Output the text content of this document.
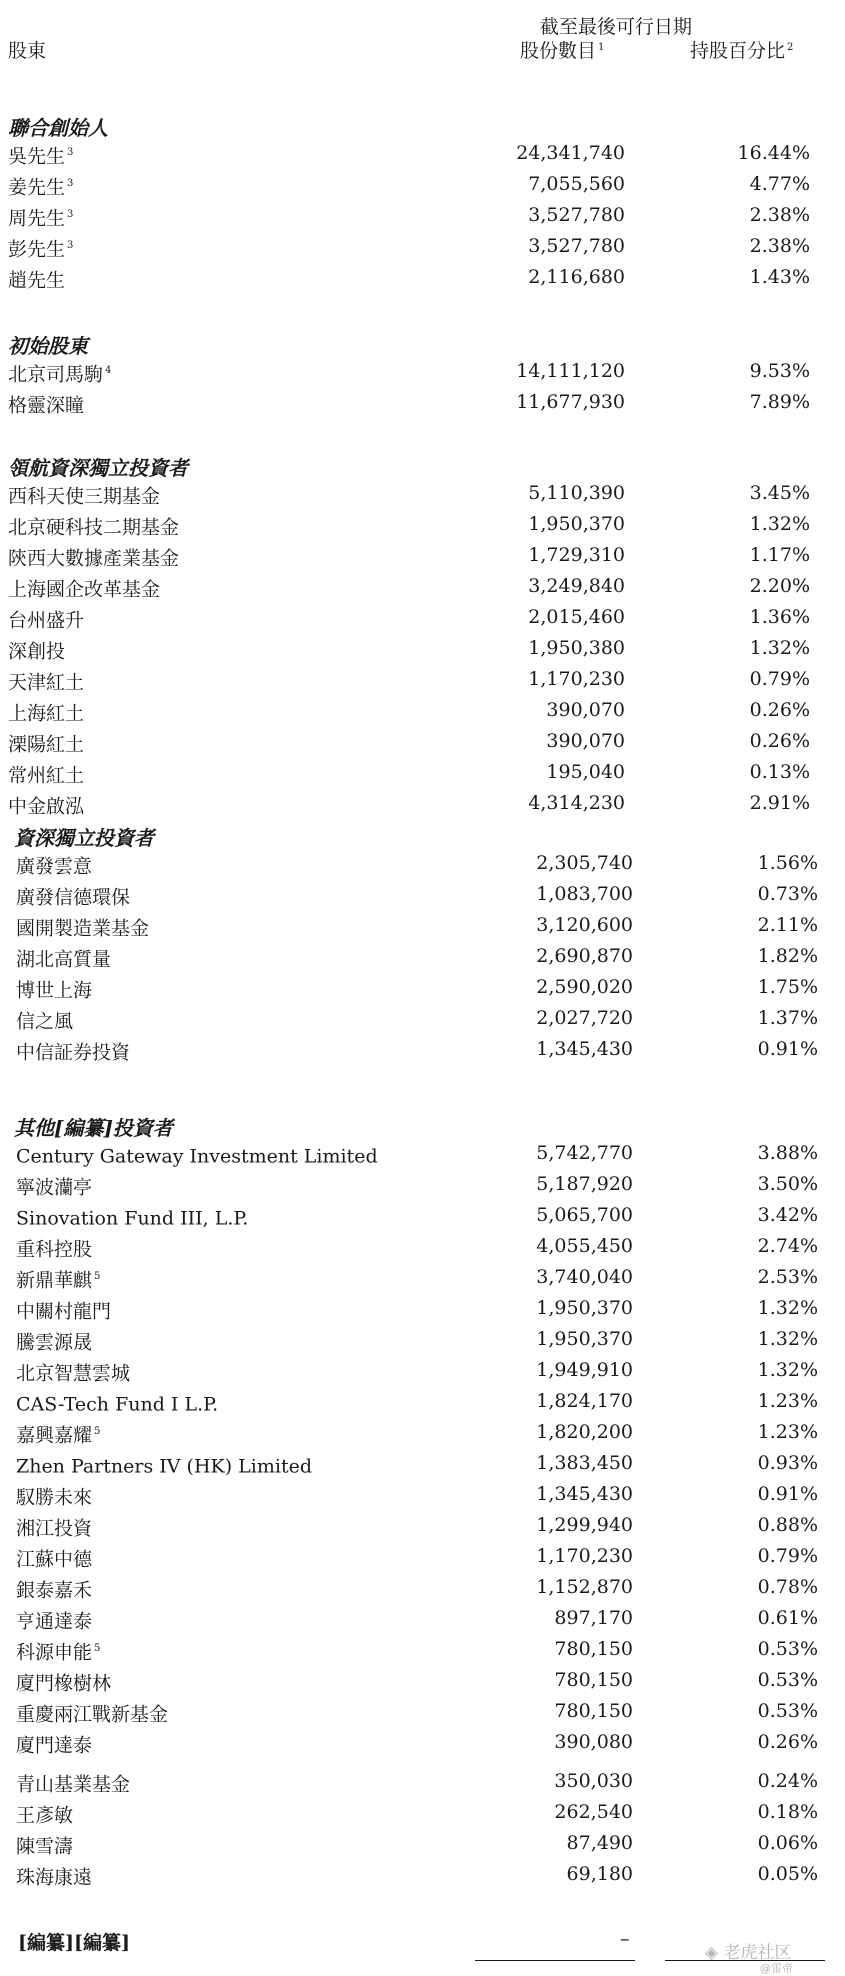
股東
截至最後可行日期
股份數目 $^1$	持股百分比 $^2$
聯合創始人
吳先生 $^3$	24,341,740	16.44%
姜先生 $^3$	7,055,560	4.77%
周先生 $^3$	3,527,780	2.38%
彭先生 $^3$	3,527,780	2.38%
趙先生	2,116,680	1.43%
初始股東
北京司馬駒 $^4$	14,111,120	9.53%
格靈深瞳	11,677,930	7.89%
領航資深獨立投資者
西科天使三期基金	5,110,390	3.45%
北京硬科技二期基金	1,950,370	1.32%
陝西大數據產業基金	1,729,310	1.17%
上海國企改革基金	3,249,840	2.20%
台州盛升	2,015,460	1.36%
深創投	1,950,380	1.32%
天津紅土	1,170,230	0.79%
上海紅土	390,070	0.26%
溧陽紅土	390,070	0.26%
常州紅土	195,040	0.13%
中金啟泓	4,314,230	2.91%
資深獨立投資者
廣發雲意	2,305,740	1.56%
廣發信德環保	1,083,700	0.73%
國開製造業基金	3,120,600	2.11%
湖北高質量	2,690,870	1.82%
博世上海	2,590,020	1.75%
信之風	2,027,720	1.37%
中信証券投資	1,345,430	0.91%
其他[編纂]投資者
Century Gateway Investment Limited	5,742,770	3.88%
寧波灡亭	5,187,920	3.50%
Sinovation Fund III, L.P.	5,065,700	3.42%
重科控股	4,055,450	2.74%
新鼎華麒 $^5$	3,740,040	2.53%
中關村龍門	1,950,370	1.32%
騰雲源晟	1,950,370	1.32%
北京智慧雲城	1,949,910	1.32%
CAS-Tech Fund I L.P.	1,824,170	1.23%
嘉興嘉耀 $^5$	1,820,200	1.23%
Zhen Partners IV (HK) Limited	1,383,450	0.93%
馭勝未來	1,345,430	0.91%
湘江投資	1,299,940	0.88%
江蘇中德	1,170,230	0.79%
銀泰嘉禾	1,152,870	0.78%
亨通達泰	897,170	0.61%
科源申能 $^5$	780,150	0.53%
廈門橡樹林	780,150	0.53%
重慶兩江戰新基金	780,150	0.53%
廈門達泰	390,080	0.26%
青山基業基金	350,030	0.24%
王彥敏	262,540	0.18%
陳雪濤	87,490	0.06%
珠海康遠	69,180	0.05%
[編纂][編纂]	–
◈ 老虎社区
@雷帝
